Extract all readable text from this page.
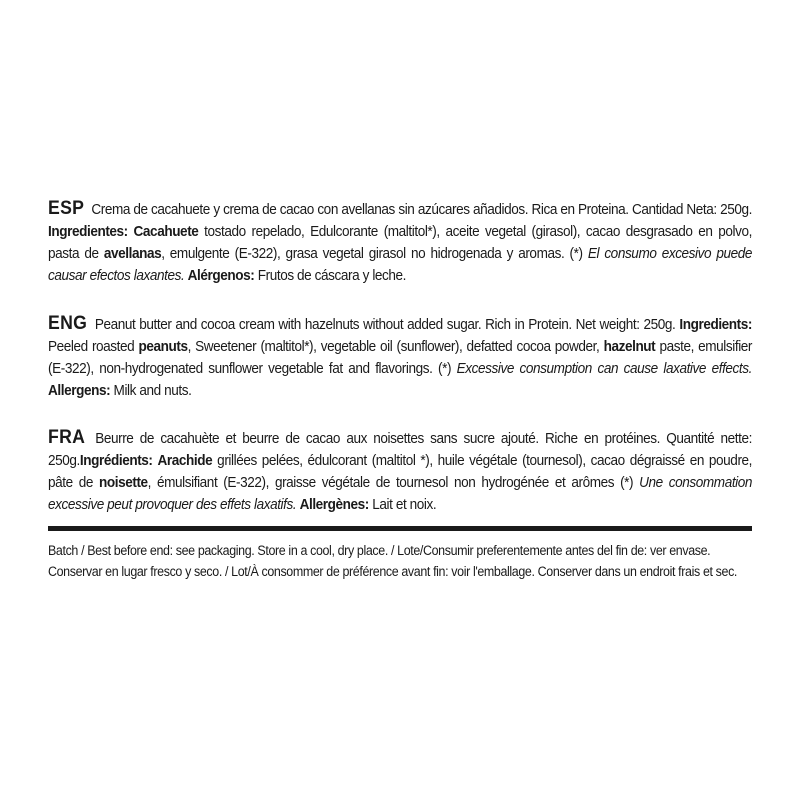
ESP Crema de cacahuete y crema de cacao con avellanas sin azúcares añadidos. Rica en Proteina. Cantidad Neta: 250g. Ingredientes: Cacahuete tostado repelado, Edulcorante (maltitol*), aceite vegetal (girasol), cacao desgrasado en polvo, pasta de avellanas, emulgente (E-322), grasa vegetal girasol no hidrogenada y aromas. (*) El consumo excesivo puede causar efectos laxantes. Alérgenos: Frutos de cáscara y leche.
ENG Peanut butter and cocoa cream with hazelnuts without added sugar. Rich in Protein. Net weight: 250g. Ingredients: Peeled roasted peanuts, Sweetener (maltitol*), vegetable oil (sunflower), defatted cocoa powder, hazelnut paste, emulsifier (E-322), non-hydrogenated sunflower vegetable fat and flavorings. (*) Excessive consumption can cause laxative effects. Allergens: Milk and nuts.
FRA Beurre de cacahuète et beurre de cacao aux noisettes sans sucre ajouté. Riche en protéines. Quantité nette: 250g.Ingrédients: Arachide grillées pelées, édulcorant (maltitol *), huile végétale (tournesol), cacao dégraissé en poudre, pâte de noisette, émulsifiant (E-322), graisse végétale de tournesol non hydrogénée et arômes (*) Une consommation excessive peut provoquer des effets laxatifs. Allergènes: Lait et noix.
Batch / Best before end: see packaging. Store in a cool, dry place. / Lote/Consumir preferentemente antes del fin de: ver envase. Conservar en lugar fresco y seco. / Lot/À consommer de préférence avant fin: voir l'emballage. Conserver dans un endroit frais et sec.
